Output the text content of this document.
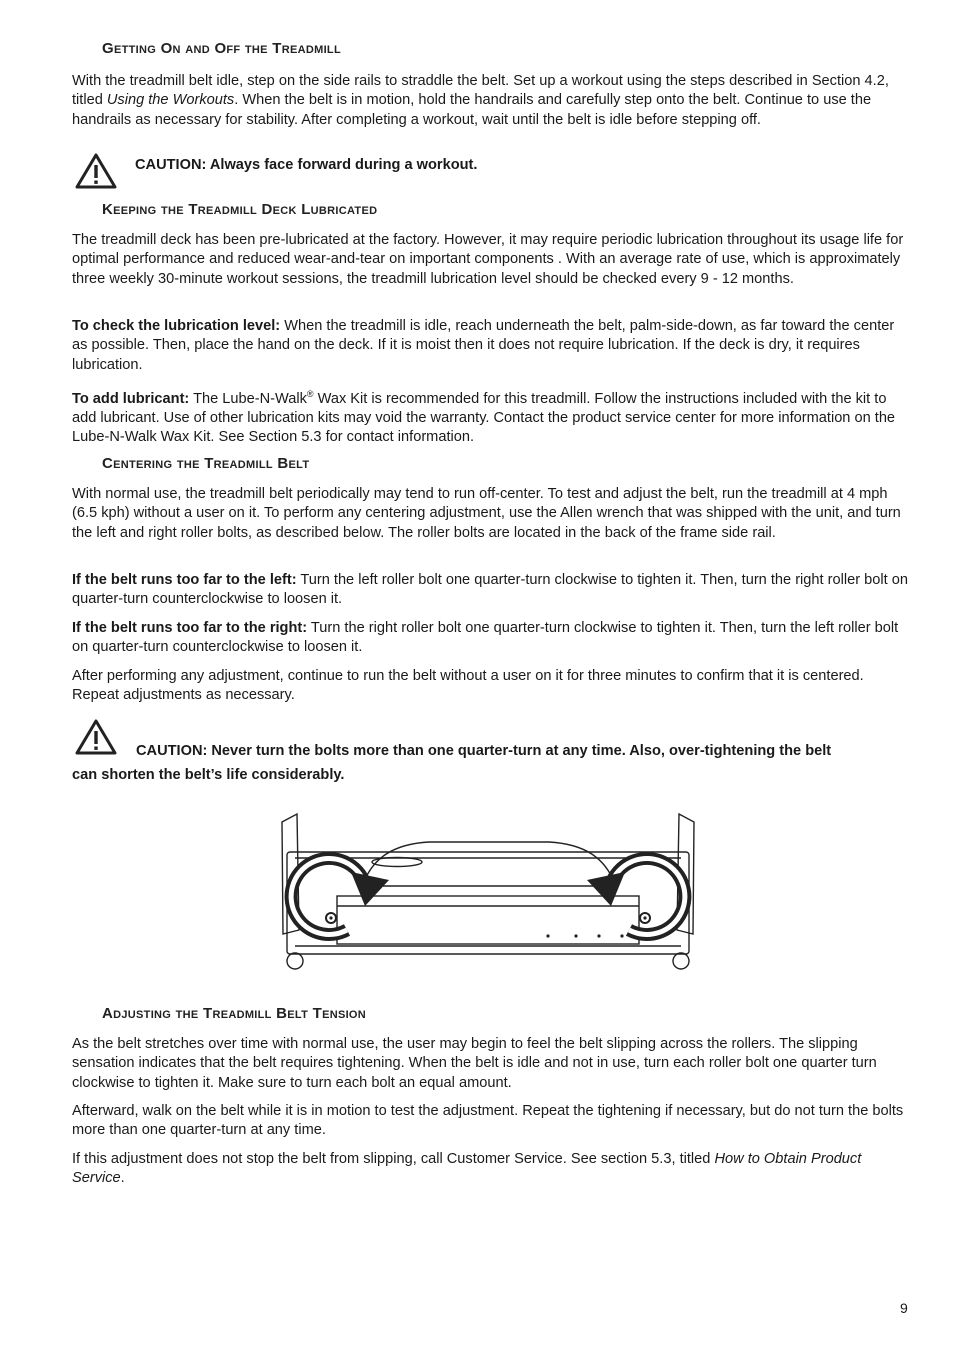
Getting On and Off the Treadmill

With the treadmill belt idle, step on the side rails to straddle the belt. Set up a workout using the steps described in Section 4.2, titled Using the Workouts. When the belt is in motion, hold the handrails and carefully step onto the belt. Continue to use the handrails as necessary for stability. After completing a workout, wait until the belt is idle before stepping off.

CAUTION: Always face forward during a workout.
Keeping the Treadmill Deck Lubricated

The treadmill deck has been pre-lubricated at the factory. However, it may require periodic lubrication throughout its usage life for optimal performance and reduced wear-and-tear on important components . With an average rate of use, which is approximately three weekly 30-minute workout sessions, the treadmill lubrication level should be checked every 9 - 12 months.

To check the lubrication level: When the treadmill is idle, reach underneath the belt, palm-side-down, as far toward the center as possible. Then, place the hand on the deck. If it is moist then it does not require lubrication. If the deck is dry, it requires lubrication.

To add lubricant: The Lube-N-Walk® Wax Kit is recommended for this treadmill. Follow the instructions included with the kit to add lubricant. Use of other lubrication kits may void the warranty. Contact the product service center for more information on the Lube-N-Walk Wax Kit. See Section 5.3 for contact information.

Centering the Treadmill Belt

With normal use, the treadmill belt periodically may tend to run off-center. To test and adjust the belt, run the treadmill at 4 mph (6.5 kph) without a user on it. To perform any centering adjustment, use the Allen wrench that was shipped with the unit, and turn the left and right roller bolts, as described below. The roller bolts are located in the back of the frame side rail.

If the belt runs too far to the left: Turn the left roller bolt one quarter-turn clockwise to tighten it. Then, turn the right roller bolt on quarter-turn counterclockwise to loosen it.

If the belt runs too far to the right: Turn the right roller bolt one quarter-turn clockwise to tighten it. Then, turn the left roller bolt on quarter-turn counterclockwise to loosen it.

After performing any adjustment, continue to run the belt without a user on it for three minutes to confirm that it is centered. Repeat adjustments as necessary.

CAUTION: Never turn the bolts more than one quarter-turn at any time. Also, over-tightening the belt
can shorten the belt’s life considerably.
Adjusting the Treadmill Belt Tension

As the belt stretches over time with normal use, the user may begin to feel the belt slipping across the rollers. The slipping sensation indicates that the belt requires tightening. When the belt is idle and not in use, turn each roller bolt one quarter turn clockwise to tighten it. Make sure to turn each bolt an equal amount.

Afterward, walk on the belt while it is in motion to test the adjustment. Repeat the tightening if necessary, but do not turn the bolts more than one quarter-turn at any time.

If this adjustment does not stop the belt from slipping, call Customer Service. See section 5.3, titled How to Obtain Product Service.

9
